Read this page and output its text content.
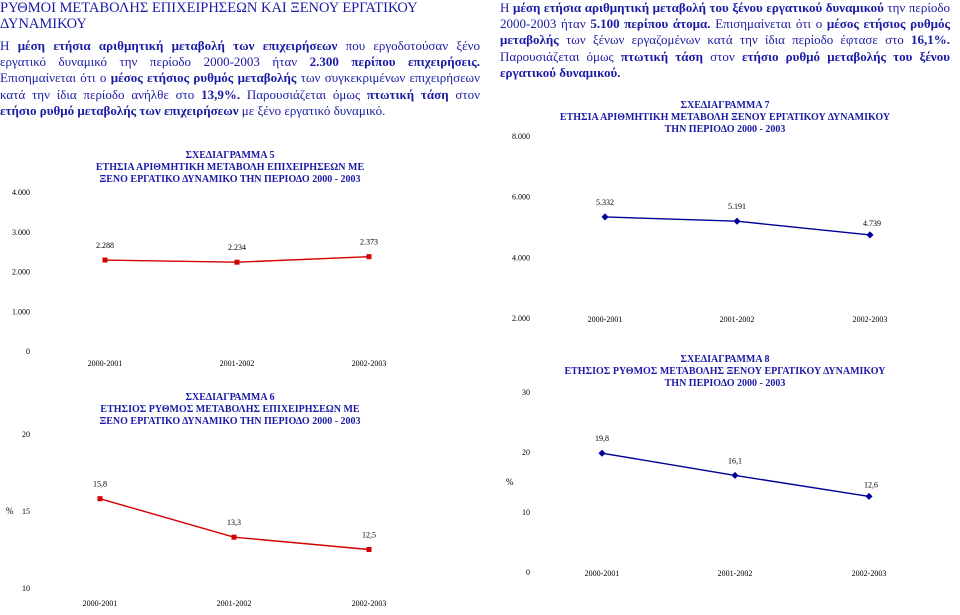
ΡΥΘΜΟΙ ΜΕΤΑΒΟΛΗΣ ΕΠΙΧΕΙΡΗΣΕΩΝ ΚΑΙ ΞΕΝΟΥ ΕΡΓΑΤΙΚΟΥ ΔΥΝΑΜΙΚΟΥ

Η μέση ετήσια αριθμητική μεταβολή των επιχειρήσεων που εργοδοτούσαν ξένο εργατικό δυναμικό την περίοδο 2000-2003 ήταν 2.300 περίπου επιχειρήσεις. Επισημαίνεται ότι ο μέσος ετήσιος ρυθμός μεταβολής των συγκεκριμένων επιχειρήσεων κατά την ίδια περίοδο ανήλθε στο 13,9%. Παρουσιάζεται όμως πτωτική τάση στον ετήσιο ρυθμό μεταβολής των επιχειρήσεων με ξένο εργατικό δυναμικό.

Η μέση ετήσια αριθμητική μεταβολή του ξένου εργατικού δυναμικού την περίοδο 2000-2003 ήταν 5.100 περίπου άτομα. Επισημαίνεται ότι ο μέσος ετήσιος ρυθμός μεταβολής των ξένων εργαζομένων κατά την ίδια περίοδο έφτασε στο 16,1%. Παρουσιάζεται όμως πτωτική τάση στον ετήσιο ρυθμό μεταβολής του ξένου εργατικού δυναμικού.

ΣΧΕΔΙΑΓΡΑΜΜΑ 5
ΕΤΗΣΙΑ ΑΡΙΘΜΗΤΙΚΗ ΜΕΤΑΒΟΛΗ ΕΠΙΧΕΙΡΗΣΕΩΝ ΜΕ
ΞΕΝΟ ΕΡΓΑΤΙΚΟ ΔΥΝΑΜΙΚΟ ΤΗΝ ΠΕΡΙΟΔΟ 2000 - 2003
4.000
3.000
2.000
1.000
0
2000-2001	2001-2002	2002-2003
2.288	2.234
2.373
ΣΧΕΔΙΑΓΡΑΜΜΑ 6
ΕΤΗΣΙΟΣ ΡΥΘΜΟΣ ΜΕΤΑΒΟΛΗΣ ΕΠΙΧΕΙΡΗΣΕΩΝ ΜΕ
ΞΕΝΟ ΕΡΓΑΤΙΚΟ ΔΥΝΑΜΙΚΟ ΤΗΝ ΠΕΡΙΟΔΟ 2000 - 2003
20
15
10
%
2000-2001	2001-2002	2002-2003
15,8
13,3
12,5
ΣΧΕΔΙΑΓΡΑΜΜΑ 7
ΕΤΗΣΙΑ ΑΡΙΘΜΗΤΙΚΗ ΜΕΤΑΒΟΛΗ ΞΕΝΟΥ ΕΡΓΑΤΙΚΟΥ ΔΥΝΑΜΙΚΟΥ
ΤΗΝ ΠΕΡΙΟΔΟ 2000 - 2003
8.000
6.000
4.000
2.000	2000-2001	2001-2002	2002-2003
5.332	5.191
4.739
ΣΧΕΔΙΑΓΡΑΜΜΑ 8
ΕΤΗΣΙΟΣ ΡΥΘΜΟΣ ΜΕΤΑΒΟΛΗΣ ΞΕΝΟΥ ΕΡΓΑΤΙΚΟΥ ΔΥΝΑΜΙΚΟΥ
ΤΗΝ ΠΕΡΙΟΔΟ 2000 - 2003
30
20
10
0
%
2000-2001	2001-2002	2002-2003
19,8
16,1
12,6
